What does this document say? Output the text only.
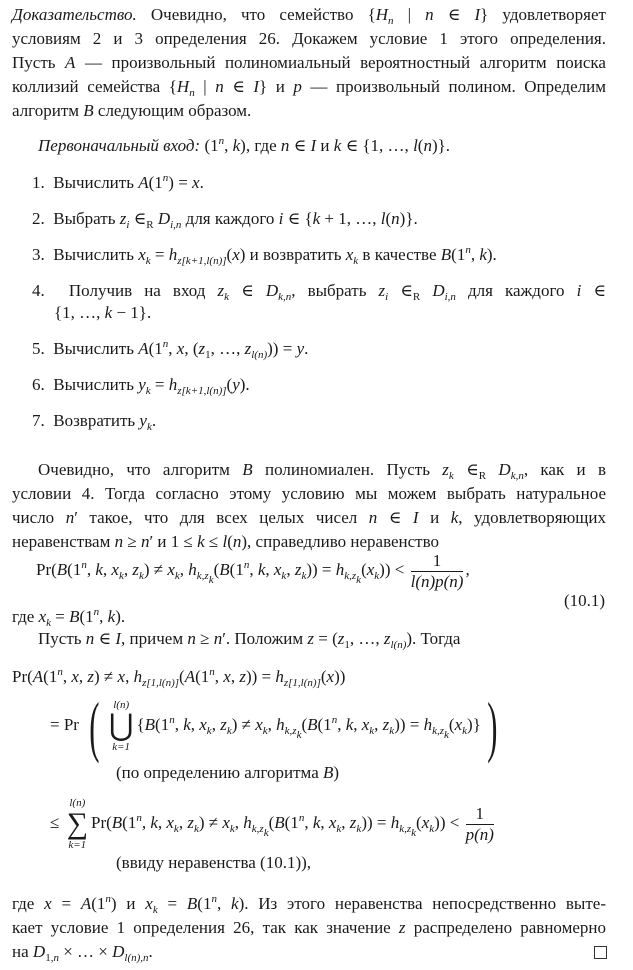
Доказательство. Очевидно, что семейство {$H_n$ | n ∈ I} удовлетворяет
условиям 2 и 3 определения 26. Докажем условие 1 этого определения.
Пусть A — произвольный полиномиальный вероятностный алгоритм поиска
коллизий семейства {$H_n$ | n ∈ I} и p — произвольный полином. Определим
алгоритм B следующим образом.
Первоначальный вход: (1$^n$, k), где n ∈ I и k ∈ {1, …, l(n)}.
1.  Вычислить $A(1^n) = x$.
2.  Выбрать $z_i$ $\in_R$ $D_{i,n}$ для каждого i ∈ {k + 1, …, l(n)}.
3.  Вычислить $x_k = h_{z[k+1,l(n)]}(x)$ и возвратить $x_k$ в качестве B(1$^n$, k).
4.  Получив на вход $z_k$ ∈ $D_{k,n}$, выбрать $z_i$ $\in_R$ $D_{i,n}$ для каждого i ∈
{1, …, k − 1}.
5.  Вычислить A(1$^n$, x, ($z_1$, …, $z_{l(n)})) = y$.
6.  Вычислить $y_k = h_{z[k+1,l(n)]}(y)$.
7.  Возвратить $y_k$.
Очевидно, что алгоритм B полиномиален. Пусть $z_k$ $\in_R$ $D_{k,n}$, как и в
условии 4. Тогда согласно этому условию мы можем выбрать натуральное
число n′ такое, что для всех целых чисел n ∈ I и k, удовлетворяющих
неравенствам n ≥ n′ и 1 ≤ k ≤ l(n), справедливо неравенство
Pr(B(1$^n$, k, $x_k$, $z_k) \ne x_k$, $h_{k,z_k}(B(1^n$, k, $x_k$, $z_k)) = h_{k,z_k}(x_k)) < \frac{1}{l(n)p(n)}$ ,
(10.1)
где $x_k = B(1^n$, k).
Пусть n ∈ I, причем n ≥ n′. Положим $z = (z_1$, …, $z_{l(n)}$). Тогда
Pr(A(1$^n$, x, z) ≠ x, $h_{z[1,l(n)]}(A(1^n$, x, $z)) = h_{z[1,l(n)]}(x)$)
= Pr (	l(n)
⋃
k=1
{B(1$^n$, k, $x_k$, $z_k) \ne x_k$, $h_{k,z_k}(B(1^n$, k, $x_k$, $z_k)) = h_{k,z_k}(x_k)$})
(по определению алгоритма B)
≤
l(n)
∑
k=1
Pr(B(1$^n$, k, $x_k$, $z_k) \ne x_k$, $h_{k,z_k}(B(1^n$, k, $x_k$, $z_k)) = h_{k,z_k}(x_k)) < \frac{1}{p(n)}$
(ввиду неравенства (10.1)),
где $x = A(1^n)$ и $x_k = B(1^n$, k). Из этого неравенства непосредственно выте-
кает условие 1 определения 26, так как значение z распределено равномерно
на $D_{1,n}$ × … × $D_{l(n),n}$.
